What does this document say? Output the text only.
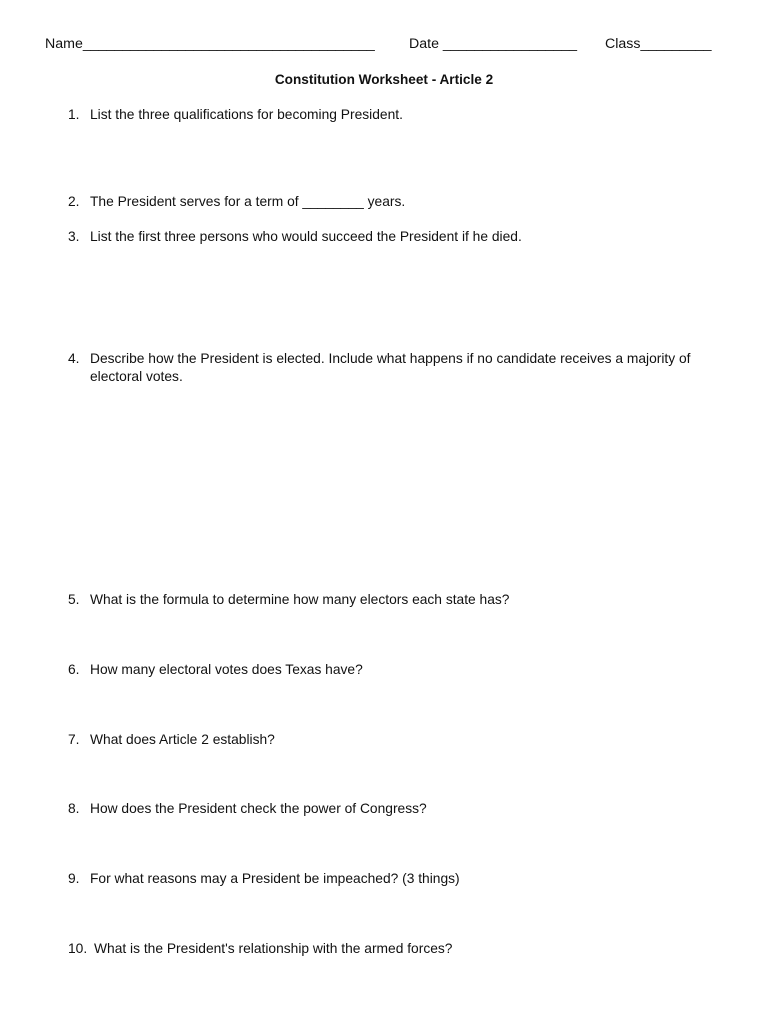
Name_____________________________________

Date _________________

Class_________

Constitution Worksheet - Article 2
1. List the three qualifications for becoming President.
2. The President serves for a term of ________ years.
3. List the first three persons who would succeed the President if he died.
4. Describe how the President is elected. Include what happens if no candidate receives a majority of electoral votes.
5. What is the formula to determine how many electors each state has?
6. How many electoral votes does Texas have?
7. What does Article 2 establish?
8. How does the President check the power of Congress?
9. For what reasons may a President be impeached? (3 things)
10. What is the President's relationship with the armed forces?
